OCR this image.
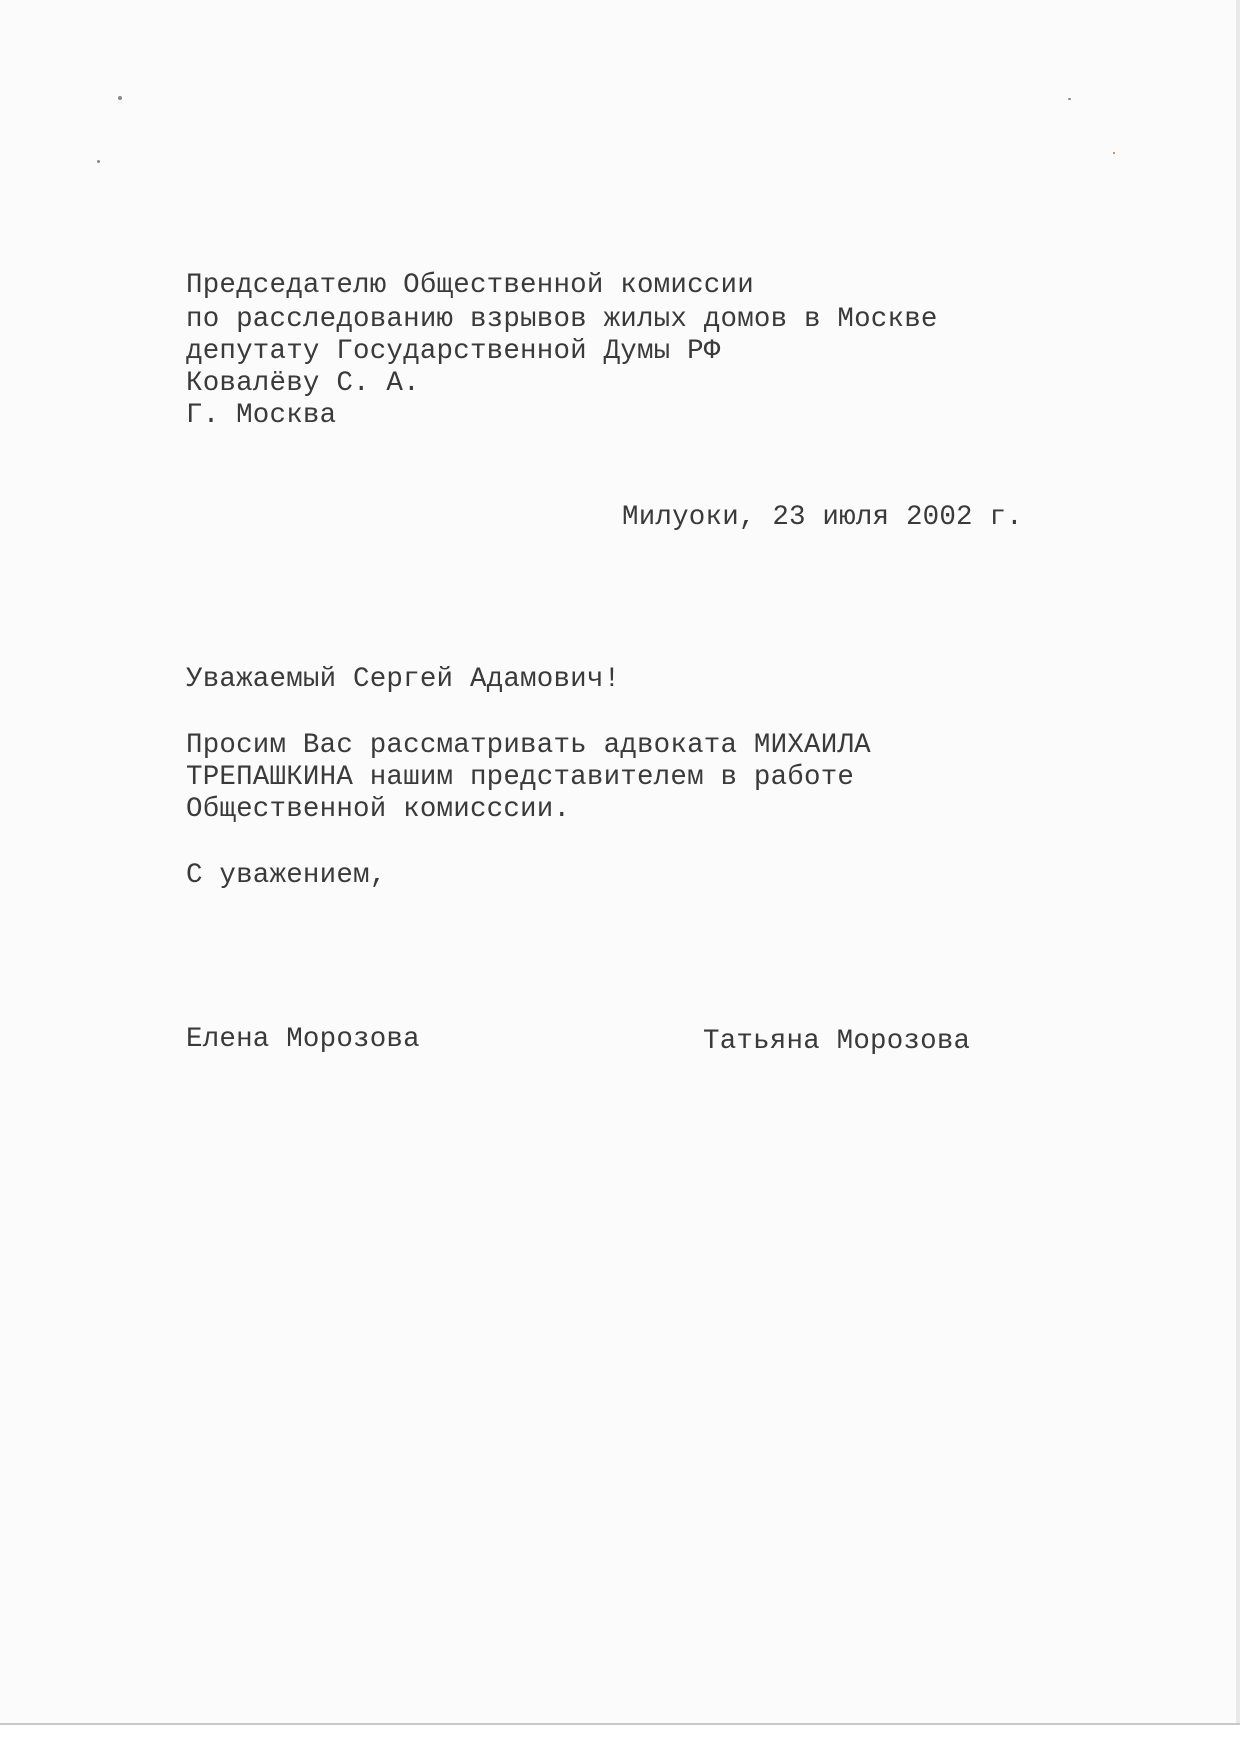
Председателю Общественной комиссии
по расследованию взрывов жилых домов в Москве
депутату Государственной Думы РФ
Ковалёву С. А.
Г. Москва
Милуоки, 23 июля 2002 г.
Уважаемый Сергей Адамович!
Просим Вас рассматривать адвоката МИХАИЛА
ТРЕПАШКИНА нашим представителем в работе
Общественной комисссии.
С уважением,
Елена Морозова	Татьяна Морозова
